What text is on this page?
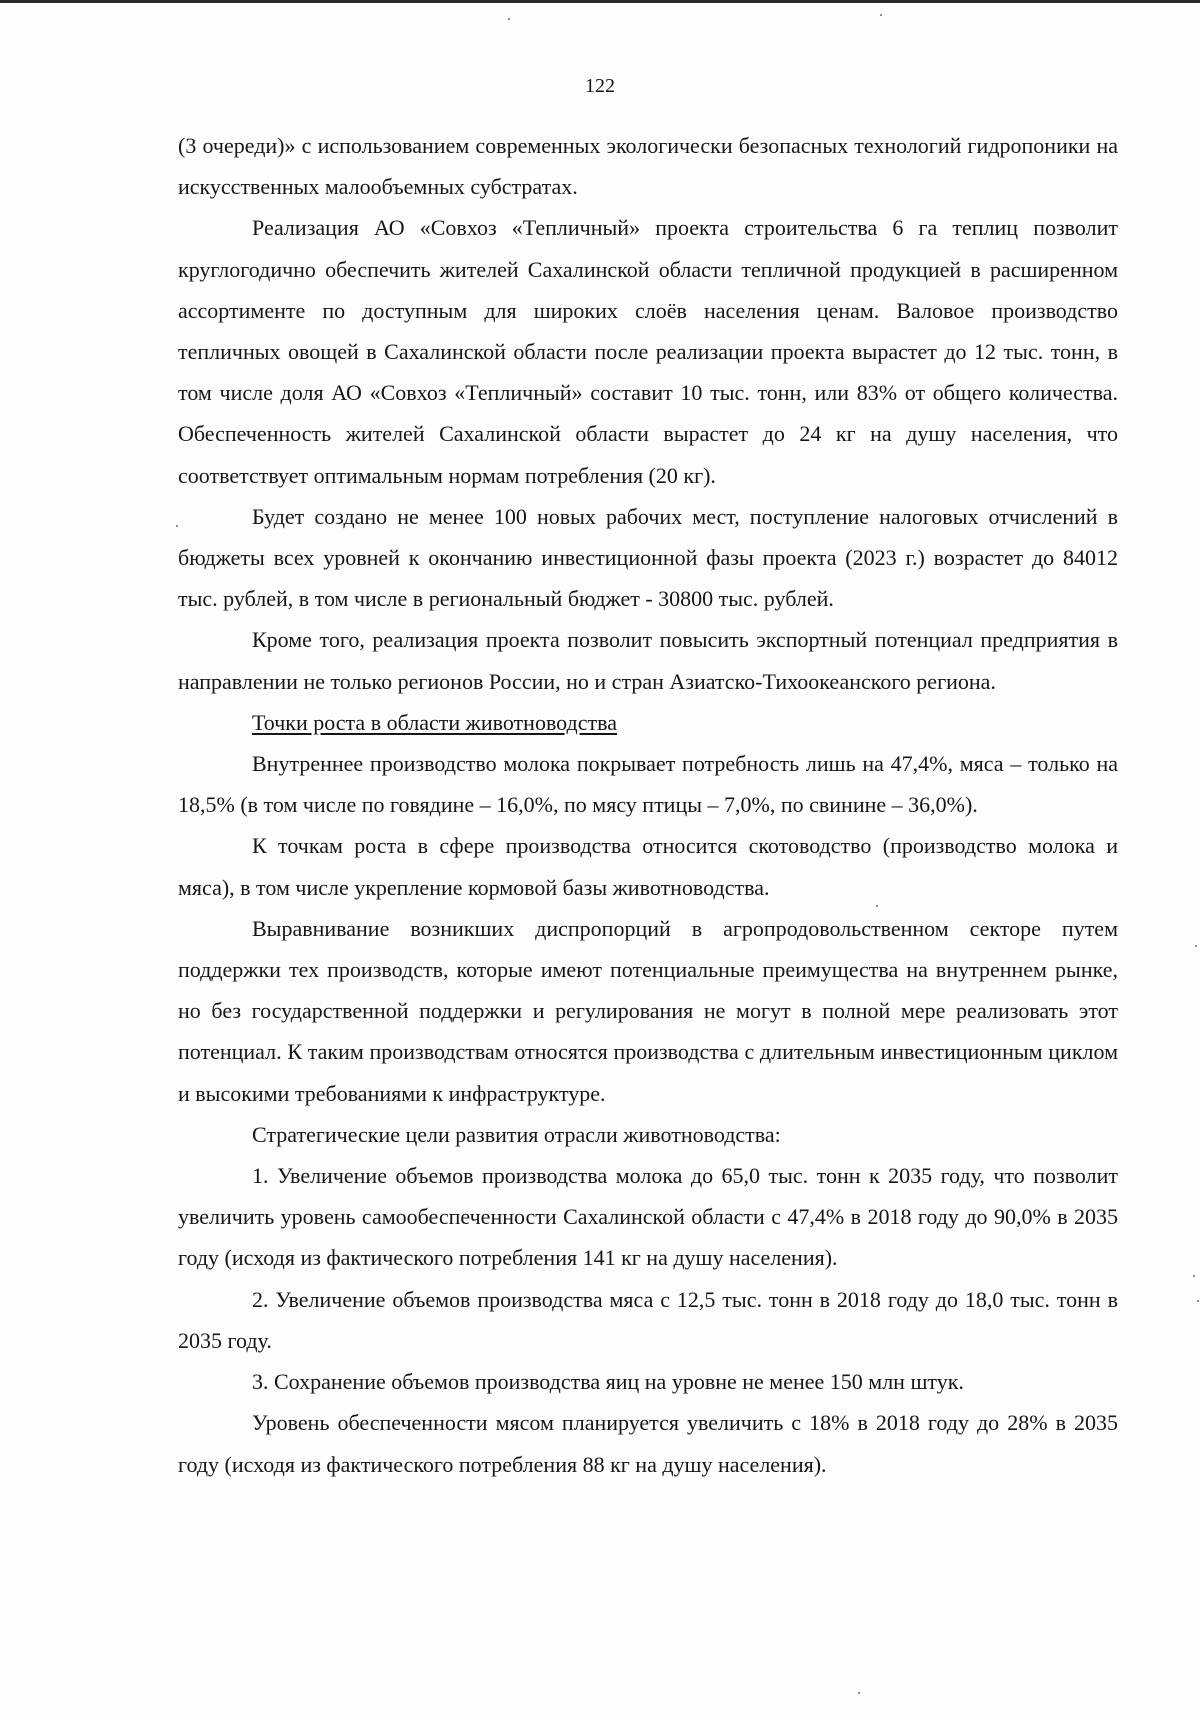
122

(3 очереди)» с использованием современных экологически безопасных технологий гидропоники на искусственных малообъемных субстратах.

Реализация АО «Совхоз «Тепличный» проекта строительства 6 га теплиц позволит круглогодично обеспечить жителей Сахалинской области тепличной продукцией в расширенном ассортименте по доступным для широких слоёв населения ценам. Валовое производство тепличных овощей в Сахалинской области после реализации проекта вырастет до 12 тыс. тонн, в том числе доля АО «Совхоз «Тепличный» составит 10 тыс. тонн, или 83% от общего количества. Обеспеченность жителей Сахалинской области вырастет до 24 кг на душу населения, что соответствует оптимальным нормам потребления (20 кг).

Будет создано не менее 100 новых рабочих мест, поступление налоговых отчислений в бюджеты всех уровней к окончанию инвестиционной фазы проекта (2023 г.) возрастет до 84012 тыс. рублей, в том числе в региональный бюджет - 30800 тыс. рублей.

Кроме того, реализация проекта позволит повысить экспортный потенциал предприятия в направлении не только регионов России, но и стран Азиатско-Тихоокеанского региона.

Точки роста в области животноводства

Внутреннее производство молока покрывает потребность лишь на 47,4%, мяса – только на 18,5% (в том числе по говядине – 16,0%, по мясу птицы – 7,0%, по свинине – 36,0%).

К точкам роста в сфере производства относится скотоводство (производство молока и мяса), в том числе укрепление кормовой базы животноводства.

Выравнивание возникших диспропорций в агропродовольственном секторе путем поддержки тех производств, которые имеют потенциальные преимущества на внутреннем рынке, но без государственной поддержки и регулирования не могут в полной мере реализовать этот потенциал. К таким производствам относятся производства с длительным инвестиционным циклом и высокими требованиями к инфраструктуре.

Стратегические цели развития отрасли животноводства:

1. Увеличение объемов производства молока до 65,0 тыс. тонн к 2035 году, что позволит увеличить уровень самообеспеченности Сахалинской области с 47,4% в 2018 году до 90,0% в 2035 году (исходя из фактического потребления 141 кг на душу населения).

2. Увеличение объемов производства мяса с 12,5 тыс. тонн в 2018 году до 18,0 тыс. тонн в 2035 году.

3. Сохранение объемов производства яиц на уровне не менее 150 млн штук.

Уровень обеспеченности мясом планируется увеличить с 18% в 2018 году до 28% в 2035 году (исходя из фактического потребления 88 кг на душу населения).
